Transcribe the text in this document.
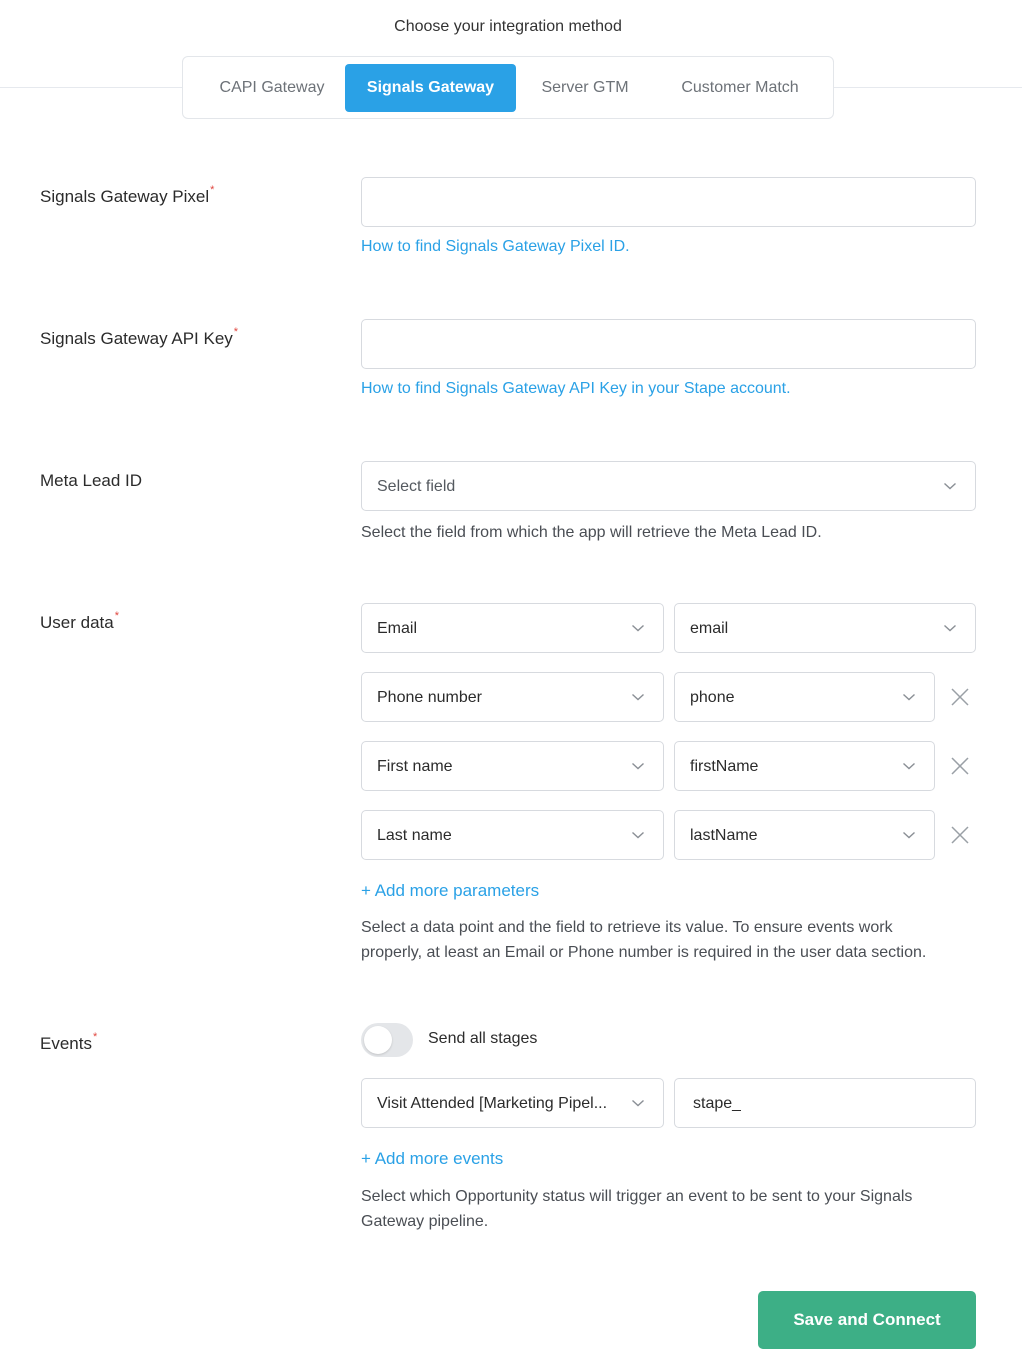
Choose your integration method
CAPI Gateway	Signals Gateway	Server GTM	Customer Match
Signals Gateway Pixel*
How to find Signals Gateway Pixel ID.
Signals Gateway API Key*
How to find Signals Gateway API Key in your Stape account.
Meta Lead ID	Select field
Select the field from which the app will retrieve the Meta Lead ID.
User data*
Email	email
Phone number	phone
First name	firstName
Last name	lastName
+ Add more parameters
Select a data point and the field to retrieve its value. To ensure events work
properly, at least an Email or Phone number is required in the user data section.
Events*	Send all stages
Visit Attended [Marketing Pipel...	stape_
+ Add more events
Select which Opportunity status will trigger an event to be sent to your Signals
Gateway pipeline.
Save and Connect
